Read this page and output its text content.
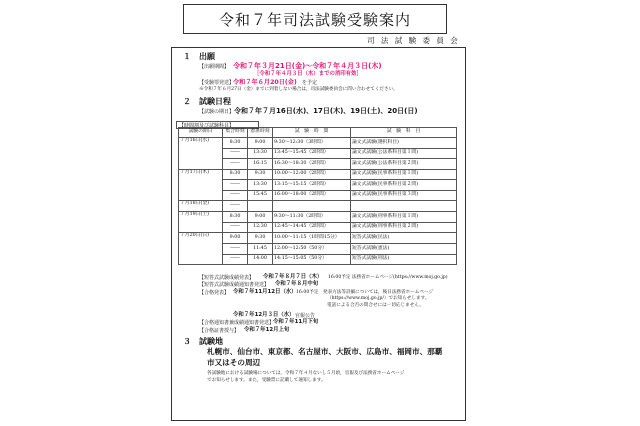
令和７年司法試験受験案内
司 法 試 験 委 員 会
１ 出願
【出願期間】 令和７年３月21日(金)～令和７年４月３日(木)
［令和７年４月３日（木）までの消印有効］
【受験票発送】
令和７年６月20日(金) を予定
※令和７年６月27日（金）までに到着しない場合は，司法試験委員会に問い合わせてください。
２ 試験日程
【試験の期日】 令和７年７月16日(水)、17日(木)、19日(土)、20日(日)
【時間割及び試験科目】
試験の期日	集合時刻	着席時刻	試　験　時　間	試　験　科　目
７月16日(水)	8:30	9:00	9:30～12:30（3時間）	論文式試験(選択科目)
	――	13:30	13:45～15:45（2時間）	論文式試験(公法系科目第１問)
	――	16:15	16:30～18:30（2時間）	論文式試験(公法系科目第２問)
７月17日(木)	8:30	9:30	10:00～12:00（2時間）	論文式試験(民事系科目第１問)
	――	13:30	13:15～15:15（2時間）	論文式試験(民事系科目第２問)
	――	15:45	16:00～18:00（2時間）	論文式試験(民事系科目第３問)
７月18日(金)	――			
７月19日(土)	8:30	9:00	9:30～11:30（2時間）	論文式試験(刑事系科目第１問)
	――	12:30	12:45～14:45（2時間）	論文式試験(刑事系科目第２問)
７月20日(日)	9:00	9:30	10:00～11:15（1時間15分）	短答式試験(民法)
	――	11:45	12:00～12:50（50分）	短答式試験(憲法)
	――	14:00	14:15～15:05（50分）	短答式試験(刑法)
【短答式試験成績発表】 令和７年８月７日（木） 16:00予定 法務省ホームページ(https://www.moj.go.jp)
【短答式試験成績通知書発送】 令和７年８月中旬
【合格発表】 令和７年11月12日（水） 16:00予定　発表方法等詳細については，後日法務省ホームページ
（https://www.moj.go.jp/）でお知らせします。
電話による合否の問合せには一切応じません。
令和７年12月３日（水） 官報公告
【合格通知書兼成績通知書発送】
令和７年11月下旬
【合格証書授与】 令和７年12月上旬
３ 試験地
札幌市、仙台市、東京都、名古屋市、大阪市、広島市、福岡市、那覇
市又はその周辺
各試験地における試験場については，令和７年４月ないし５月頃，官報及び法務省ホームページ
でお知らせします。また，受験票に記載して通知します。
